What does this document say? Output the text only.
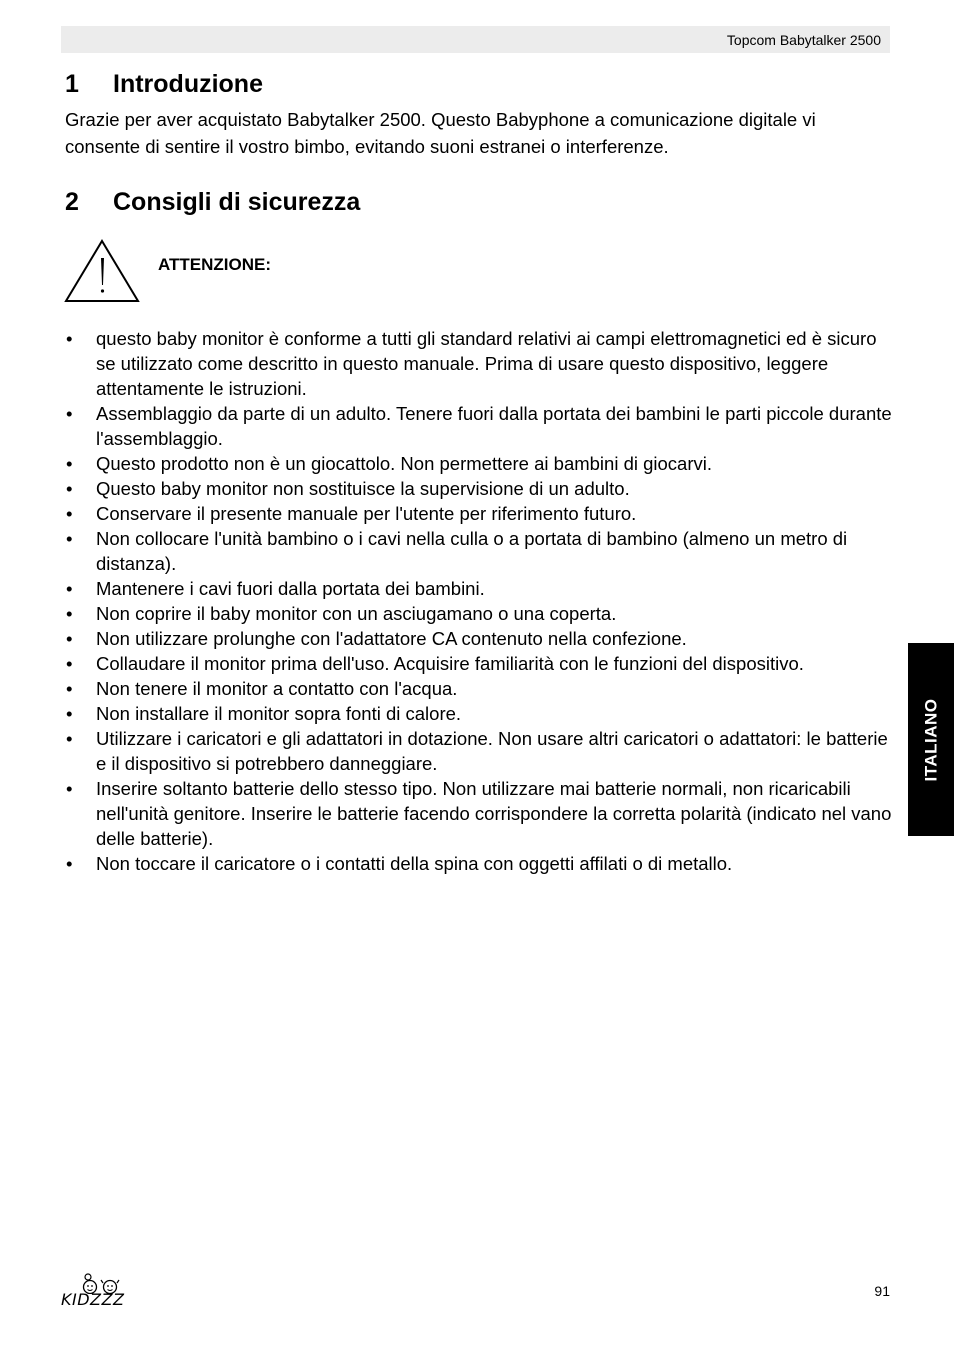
Topcom Babytalker 2500
1	Introduzione

Grazie per aver acquistato Babytalker 2500. Questo Babyphone a comunicazione digitale vi consente di sentire il vostro bimbo, evitando suoni estranei o interferenze.

2	Consigli di sicurezza
ATTENZIONE:
•	questo baby monitor è conforme a tutti gli standard relativi ai campi elettromagnetici ed è sicuro se utilizzato come descritto in questo manuale. Prima di usare questo dispositivo, leggere attentamente le istruzioni.
•	Assemblaggio da parte di un adulto. Tenere fuori dalla portata dei bambini le parti piccole durante l'assemblaggio.
•	Questo prodotto non è un giocattolo. Non permettere ai bambini di giocarvi.
•	Questo baby monitor non sostituisce la supervisione di un adulto.
•	Conservare il presente manuale per l'utente per riferimento futuro.
•	Non collocare l'unità bambino o i cavi nella culla o a portata di bambino (almeno un metro di distanza).
•	Mantenere i cavi fuori dalla portata dei bambini.
•	Non coprire il baby monitor con un asciugamano o una coperta.
•	Non utilizzare prolunghe con l'adattatore CA contenuto nella confezione.
•	Collaudare il monitor prima dell'uso. Acquisire familiarità con le funzioni del dispositivo.
•	Non tenere il monitor a contatto con l'acqua.
•	Non installare il monitor sopra fonti di calore.
•	Utilizzare i caricatori e gli adattatori in dotazione. Non usare altri caricatori o adattatori: le batterie e il dispositivo si potrebbero danneggiare.
•	Inserire soltanto batterie dello stesso tipo. Non utilizzare mai batterie normali, non ricaricabili nell'unità genitore. Inserire le batterie facendo corrispondere la corretta polarità (indicato nel vano delle batterie).
•	Non toccare il caricatore o i contatti della spina con oggetti affilati o di metallo.
ITALIANO
KIDZZZ	91
